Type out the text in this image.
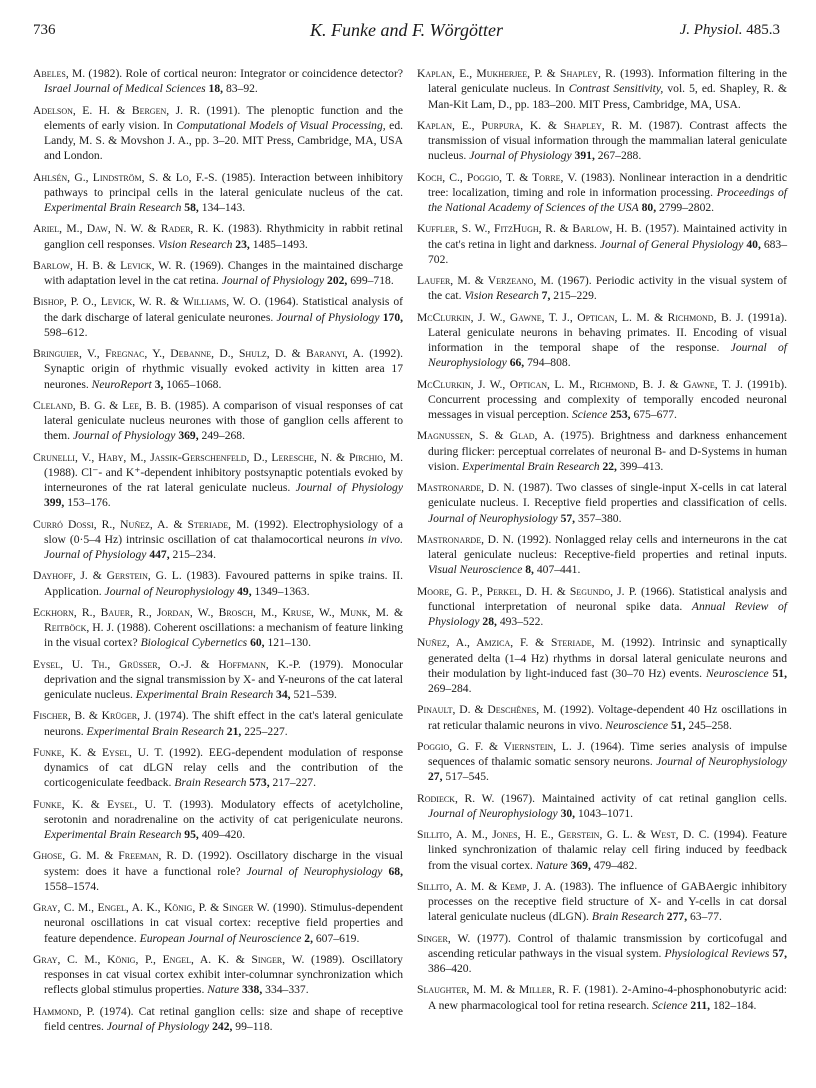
736	K. Funke and F. Wörgötter	J. Physiol. 485.3

Abeles, M. (1982). Role of cortical neuron: Integrator or coincidence detector? Israel Journal of Medical Sciences 18, 83–92.

Adelson, E. H. & Bergen, J. R. (1991). The plenoptic function and the elements of early vision. In Computational Models of Visual Processing, ed. Landy, M. S. & Movshon J. A., pp. 3–20. MIT Press, Cambridge, MA, USA and London.

Ahlsén, G., Lindström, S. & Lo, F.-S. (1985). Interaction between inhibitory pathways to principal cells in the lateral geniculate nucleus of the cat. Experimental Brain Research 58, 134–143.

Ariel, M., Daw, N. W. & Rader, R. K. (1983). Rhythmicity in rabbit retinal ganglion cell responses. Vision Research 23, 1485–1493.

Barlow, H. B. & Levick, W. R. (1969). Changes in the maintained discharge with adaptation level in the cat retina. Journal of Physiology 202, 699–718.

Bishop, P. O., Levick, W. R. & Williams, W. O. (1964). Statistical analysis of the dark discharge of lateral geniculate neurones. Journal of Physiology 170, 598–612.

Bringuier, V., Fregnac, Y., Debanne, D., Shulz, D. & Baranyi, A. (1992). Synaptic origin of rhythmic visually evoked activity in kitten area 17 neurones. NeuroReport 3, 1065–1068.

Cleland, B. G. & Lee, B. B. (1985). A comparison of visual responses of cat lateral geniculate nucleus neurones with those of ganglion cells afferent to them. Journal of Physiology 369, 249–268.

Crunelli, V., Haby, M., Jassik-Gerschenfeld, D., Leresche, N. & Pirchio, M. (1988). Cl⁻- and K⁺-dependent inhibitory postsynaptic potentials evoked by interneurones of the rat lateral geniculate nucleus. Journal of Physiology 399, 153–176.

Curró Dossi, R., Nuñez, A. & Steriade, M. (1992). Electrophysiology of a slow (0·5–4 Hz) intrinsic oscillation of cat thalamocortical neurons in vivo. Journal of Physiology 447, 215–234.

Dayhoff, J. & Gerstein, G. L. (1983). Favoured patterns in spike trains. II. Application. Journal of Neurophysiology 49, 1349–1363.

Eckhorn, R., Bauer, R., Jordan, W., Brosch, M., Kruse, W., Munk, M. & Reitböck, H. J. (1988). Coherent oscillations: a mechanism of feature linking in the visual cortex? Biological Cybernetics 60, 121–130.

Eysel, U. Th., Grüsser, O.-J. & Hoffmann, K.-P. (1979). Monocular deprivation and the signal transmission by X- and Y-neurons of the cat lateral geniculate nucleus. Experimental Brain Research 34, 521–539.

Fischer, B. & Krüger, J. (1974). The shift effect in the cat's lateral geniculate neurons. Experimental Brain Research 21, 225–227.

Funke, K. & Eysel, U. T. (1992). EEG-dependent modulation of response dynamics of cat dLGN relay cells and the contribution of the corticogeniculate feedback. Brain Research 573, 217–227.

Funke, K. & Eysel, U. T. (1993). Modulatory effects of acetylcholine, serotonin and noradrenaline on the activity of cat perigeniculate neurons. Experimental Brain Research 95, 409–420.

Ghose, G. M. & Freeman, R. D. (1992). Oscillatory discharge in the visual system: does it have a functional role? Journal of Neurophysiology 68, 1558–1574.

Gray, C. M., Engel, A. K., König, P. & Singer W. (1990). Stimulus-dependent neuronal oscillations in cat visual cortex: receptive field properties and feature dependence. European Journal of Neuroscience 2, 607–619.

Gray, C. M., König, P., Engel, A. K. & Singer, W. (1989). Oscillatory responses in cat visual cortex exhibit inter-columnar synchronization which reflects global stimulus properties. Nature 338, 334–337.

Hammond, P. (1974). Cat retinal ganglion cells: size and shape of receptive field centres. Journal of Physiology 242, 99–118.

Kaplan, E., Mukherjee, P. & Shapley, R. (1993). Information filtering in the lateral geniculate nucleus. In Contrast Sensitivity, vol. 5, ed. Shapley, R. & Man-Kit Lam, D., pp. 183–200. MIT Press, Cambridge, MA, USA.

Kaplan, E., Purpura, K. & Shapley, R. M. (1987). Contrast affects the transmission of visual information through the mammalian lateral geniculate nucleus. Journal of Physiology 391, 267–288.

Koch, C., Poggio, T. & Torre, V. (1983). Nonlinear interaction in a dendritic tree: localization, timing and role in information processing. Proceedings of the National Academy of Sciences of the USA 80, 2799–2802.

Kuffler, S. W., FitzHugh, R. & Barlow, H. B. (1957). Maintained activity in the cat's retina in light and darkness. Journal of General Physiology 40, 683–702.

Laufer, M. & Verzeano, M. (1967). Periodic activity in the visual system of the cat. Vision Research 7, 215–229.

McClurkin, J. W., Gawne, T. J., Optican, L. M. & Richmond, B. J. (1991a). Lateral geniculate neurons in behaving primates. II. Encoding of visual information in the temporal shape of the response. Journal of Neurophysiology 66, 794–808.

McClurkin, J. W., Optican, L. M., Richmond, B. J. & Gawne, T. J. (1991b). Concurrent processing and complexity of temporally encoded neuronal messages in visual perception. Science 253, 675–677.

Magnussen, S. & Glad, A. (1975). Brightness and darkness enhancement during flicker: perceptual correlates of neuronal B- and D-Systems in human vision. Experimental Brain Research 22, 399–413.

Mastronarde, D. N. (1987). Two classes of single-input X-cells in cat lateral geniculate nucleus. I. Receptive field properties and classification of cells. Journal of Neurophysiology 57, 357–380.

Mastronarde, D. N. (1992). Nonlagged relay cells and interneurons in the cat lateral geniculate nucleus: Receptive-field properties and retinal inputs. Visual Neuroscience 8, 407–441.

Moore, G. P., Perkel, D. H. & Segundo, J. P. (1966). Statistical analysis and functional interpretation of neuronal spike data. Annual Review of Physiology 28, 493–522.

Nuñez, A., Amzica, F. & Steriade, M. (1992). Intrinsic and synaptically generated delta (1–4 Hz) rhythms in dorsal lateral geniculate neurons and their modulation by light-induced fast (30–70 Hz) events. Neuroscience 51, 269–284.

Pinault, D. & Deschênes, M. (1992). Voltage-dependent 40 Hz oscillations in rat reticular thalamic neurons in vivo. Neuroscience 51, 245–258.

Poggio, G. F. & Viernstein, L. J. (1964). Time series analysis of impulse sequences of thalamic somatic sensory neurons. Journal of Neurophysiology 27, 517–545.

Rodieck, R. W. (1967). Maintained activity of cat retinal ganglion cells. Journal of Neurophysiology 30, 1043–1071.

Sillito, A. M., Jones, H. E., Gerstein, G. L. & West, D. C. (1994). Feature linked synchronization of thalamic relay cell firing induced by feedback from the visual cortex. Nature 369, 479–482.

Sillito, A. M. & Kemp, J. A. (1983). The influence of GABAergic inhibitory processes on the receptive field structure of X- and Y-cells in cat dorsal lateral geniculate nucleus (dLGN). Brain Research 277, 63–77.

Singer, W. (1977). Control of thalamic transmission by corticofugal and ascending reticular pathways in the visual system. Physiological Reviews 57, 386–420.

Slaughter, M. M. & Miller, R. F. (1981). 2-Amino-4-phosphonobutyric acid: A new pharmacological tool for retina research. Science 211, 182–184.
